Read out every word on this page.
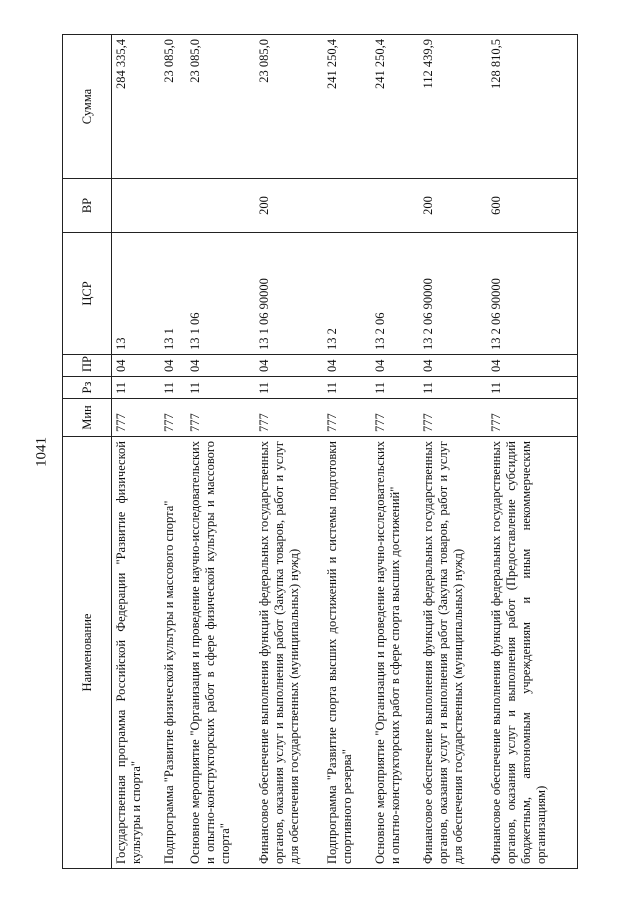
1041
Наименование	Мин	Рз	ПР	ЦСР	ВР	Сумма
Государственная программа Российской Федерации "Развитие физической культуры и спорта"	777	11	04	13		284 335,4
Подпрограмма "Развитие физической культуры и массового спорта"	777	11	04	13 1		23 085,0
Основное мероприятие "Организация и проведение научно-исследовательских и опытно-конструкторских работ в сфере физической культуры и массового спорта"	777	11	04	13 1 06		23 085,0
Финансовое обеспечение выполнения функций федеральных государственных органов, оказания услуг и выполнения работ (Закупка товаров, работ и услуг для обеспечения государственных (муниципальных) нужд)	777	11	04	13 1 06 90000	200	23 085,0
Подпрограмма "Развитие спорта высших достижений и системы подготовки спортивного резерва"	777	11	04	13 2		241 250,4
Основное мероприятие "Организация и проведение научно-исследовательских и опытно-конструкторских работ в сфере спорта высших достижений"	777	11	04	13 2 06		241 250,4
Финансовое обеспечение выполнения функций федеральных государственных органов, оказания услуг и выполнения работ (Закупка товаров, работ и услуг для обеспечения государственных (муниципальных) нужд)	777	11	04	13 2 06 90000	200	112 439,9
Финансовое обеспечение выполнения функций федеральных государственных органов, оказания услуг и выполнения работ (Предоставление субсидий бюджетным, автономным учреждениям и иным некоммерческим организациям)	777	11	04	13 2 06 90000	600	128 810,5
